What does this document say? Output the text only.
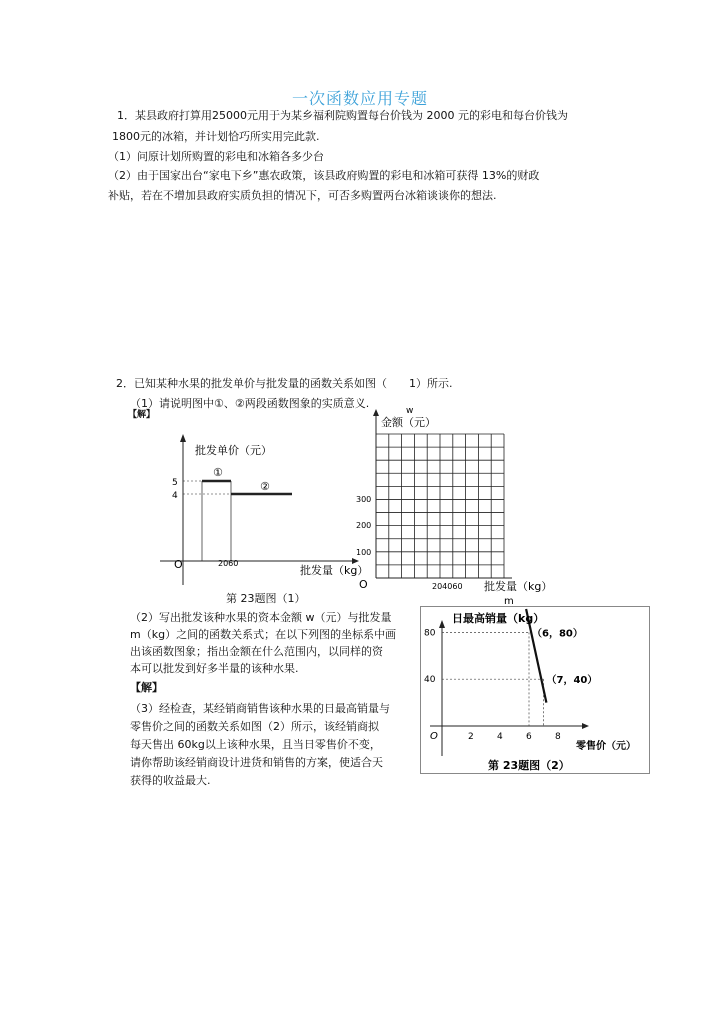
一次函数应用专题
1．某县政府打算用25000元用于为某乡福利院购置每台价钱为 2000 元的彩电和每台价钱为
1800元的冰箱，并计划恰巧所实用完此款.
（1）问原计划所购置的彩电和冰箱各多少台
（2）由于国家出台“家电下乡”惠农政策，该县政府购置的彩电和冰箱可获得 13%的财政
补贴，若在不增加县政府实质负担的情况下，可否多购置两台冰箱谈谈你的想法.
2．已知某种水果的批发单价与批发量的函数关系如图（　　1）所示.
（1）请说明图中①、②两段函数图象的实质意义.
【解】
批发单价（元）
5
4
①
②
O	2060
批发量（kg）
第 23题图（1）
w
金额（元）
300
200
100
O	204060 批发量（kg）
m
（2）写出批发该种水果的资本金额 w（元）与批发量
m（kg）之间的函数关系式；在以下列图的坐标系中画
出该函数图象；指出金额在什么范围内，以同样的资
本可以批发到好多半量的该种水果.
【解】
（3）经检查，某经销商销售该种水果的日最高销量与
零售价之间的函数关系如图（2）所示，该经销商拟
每天售出 60kg以上该种水果，且当日零售价不变，
请你帮助该经销商设计进货和销售的方案，使适合天
获得的收益最大.
2	4	6	8
40
80	（6，80）
（7，40）
日最高销量（kg）
O
零售价（元）
第 23题图（2）
